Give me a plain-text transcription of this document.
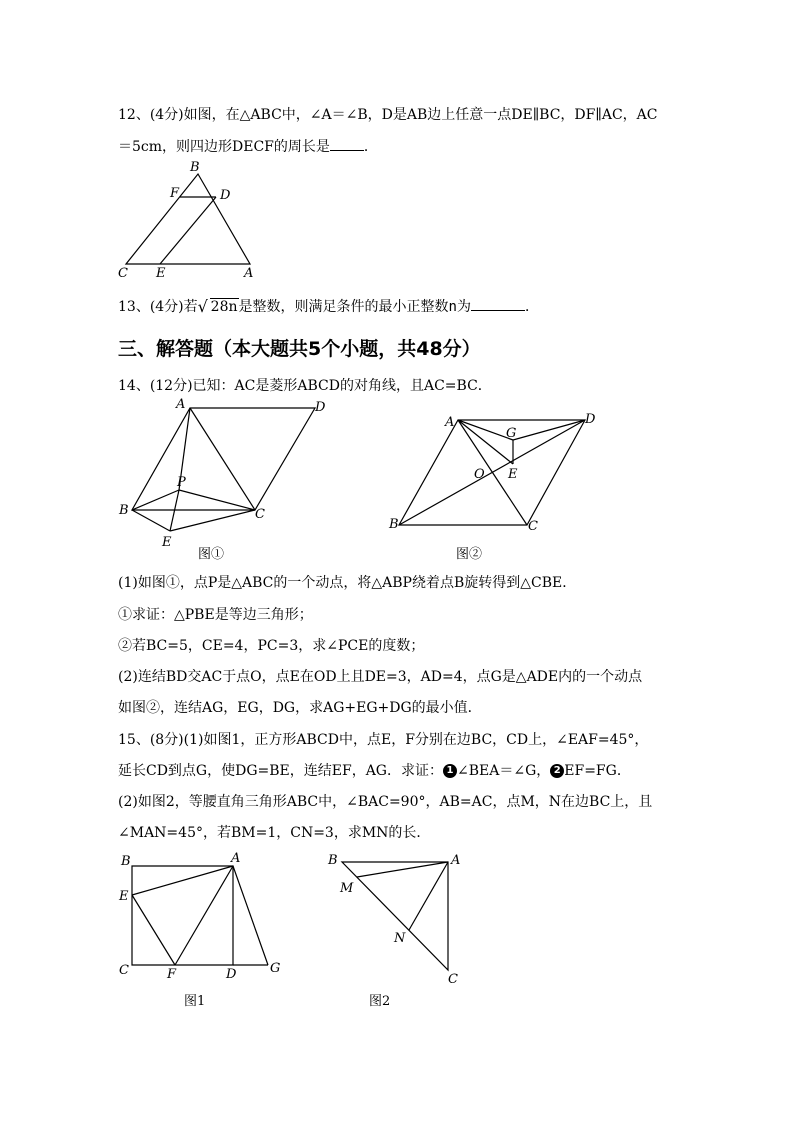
12、(4分)如图，在△ABC中，∠A＝∠B，D是AB边上任意一点DE∥BC，DF∥AC，AC
＝5cm，则四边形DECF的周长是 ．
B
F	D
C E	A
13、(4分)若 √ 28n是整数，则满足条件的最小正整数n为	．
三、解答题（本大题共5个小题，共48分）
14、(12分)已知：AC是菱形ABCD的对角线，且AC=BC．
A	D
B	C
P
E
图①
A	D
G
O E
B	C
图②
(1)如图①，点P是△ABC的一个动点，将△ABP绕着点B旋转得到△CBE．
①求证：△PBE是等边三角形；
②若BC=5，CE=4，PC=3，求∠PCE的度数；
(2)连结BD交AC于点O，点E在OD上且DE=3，AD=4，点G是△ADE内的一个动点
如图②，连结AG，EG，DG，求AG+EG+DG的最小值．
15、(8分)(1)如图1，正方形ABCD中，点E，F分别在边BC，CD上，∠EAF=45°，
延长CD到点G，使DG=BE，连结EF，AG．求证： 1 ∠BEA＝∠G， 2 EF=FG．
(2)如图2，等腰直角三角形ABC中，∠BAC=90°，AB=AC，点M，N在边BC上，且
∠MAN=45°，若BM=1，CN=3，求MN的长．
B	A
E
C	F	D	G
图1
B	A
M
N
C
图2
